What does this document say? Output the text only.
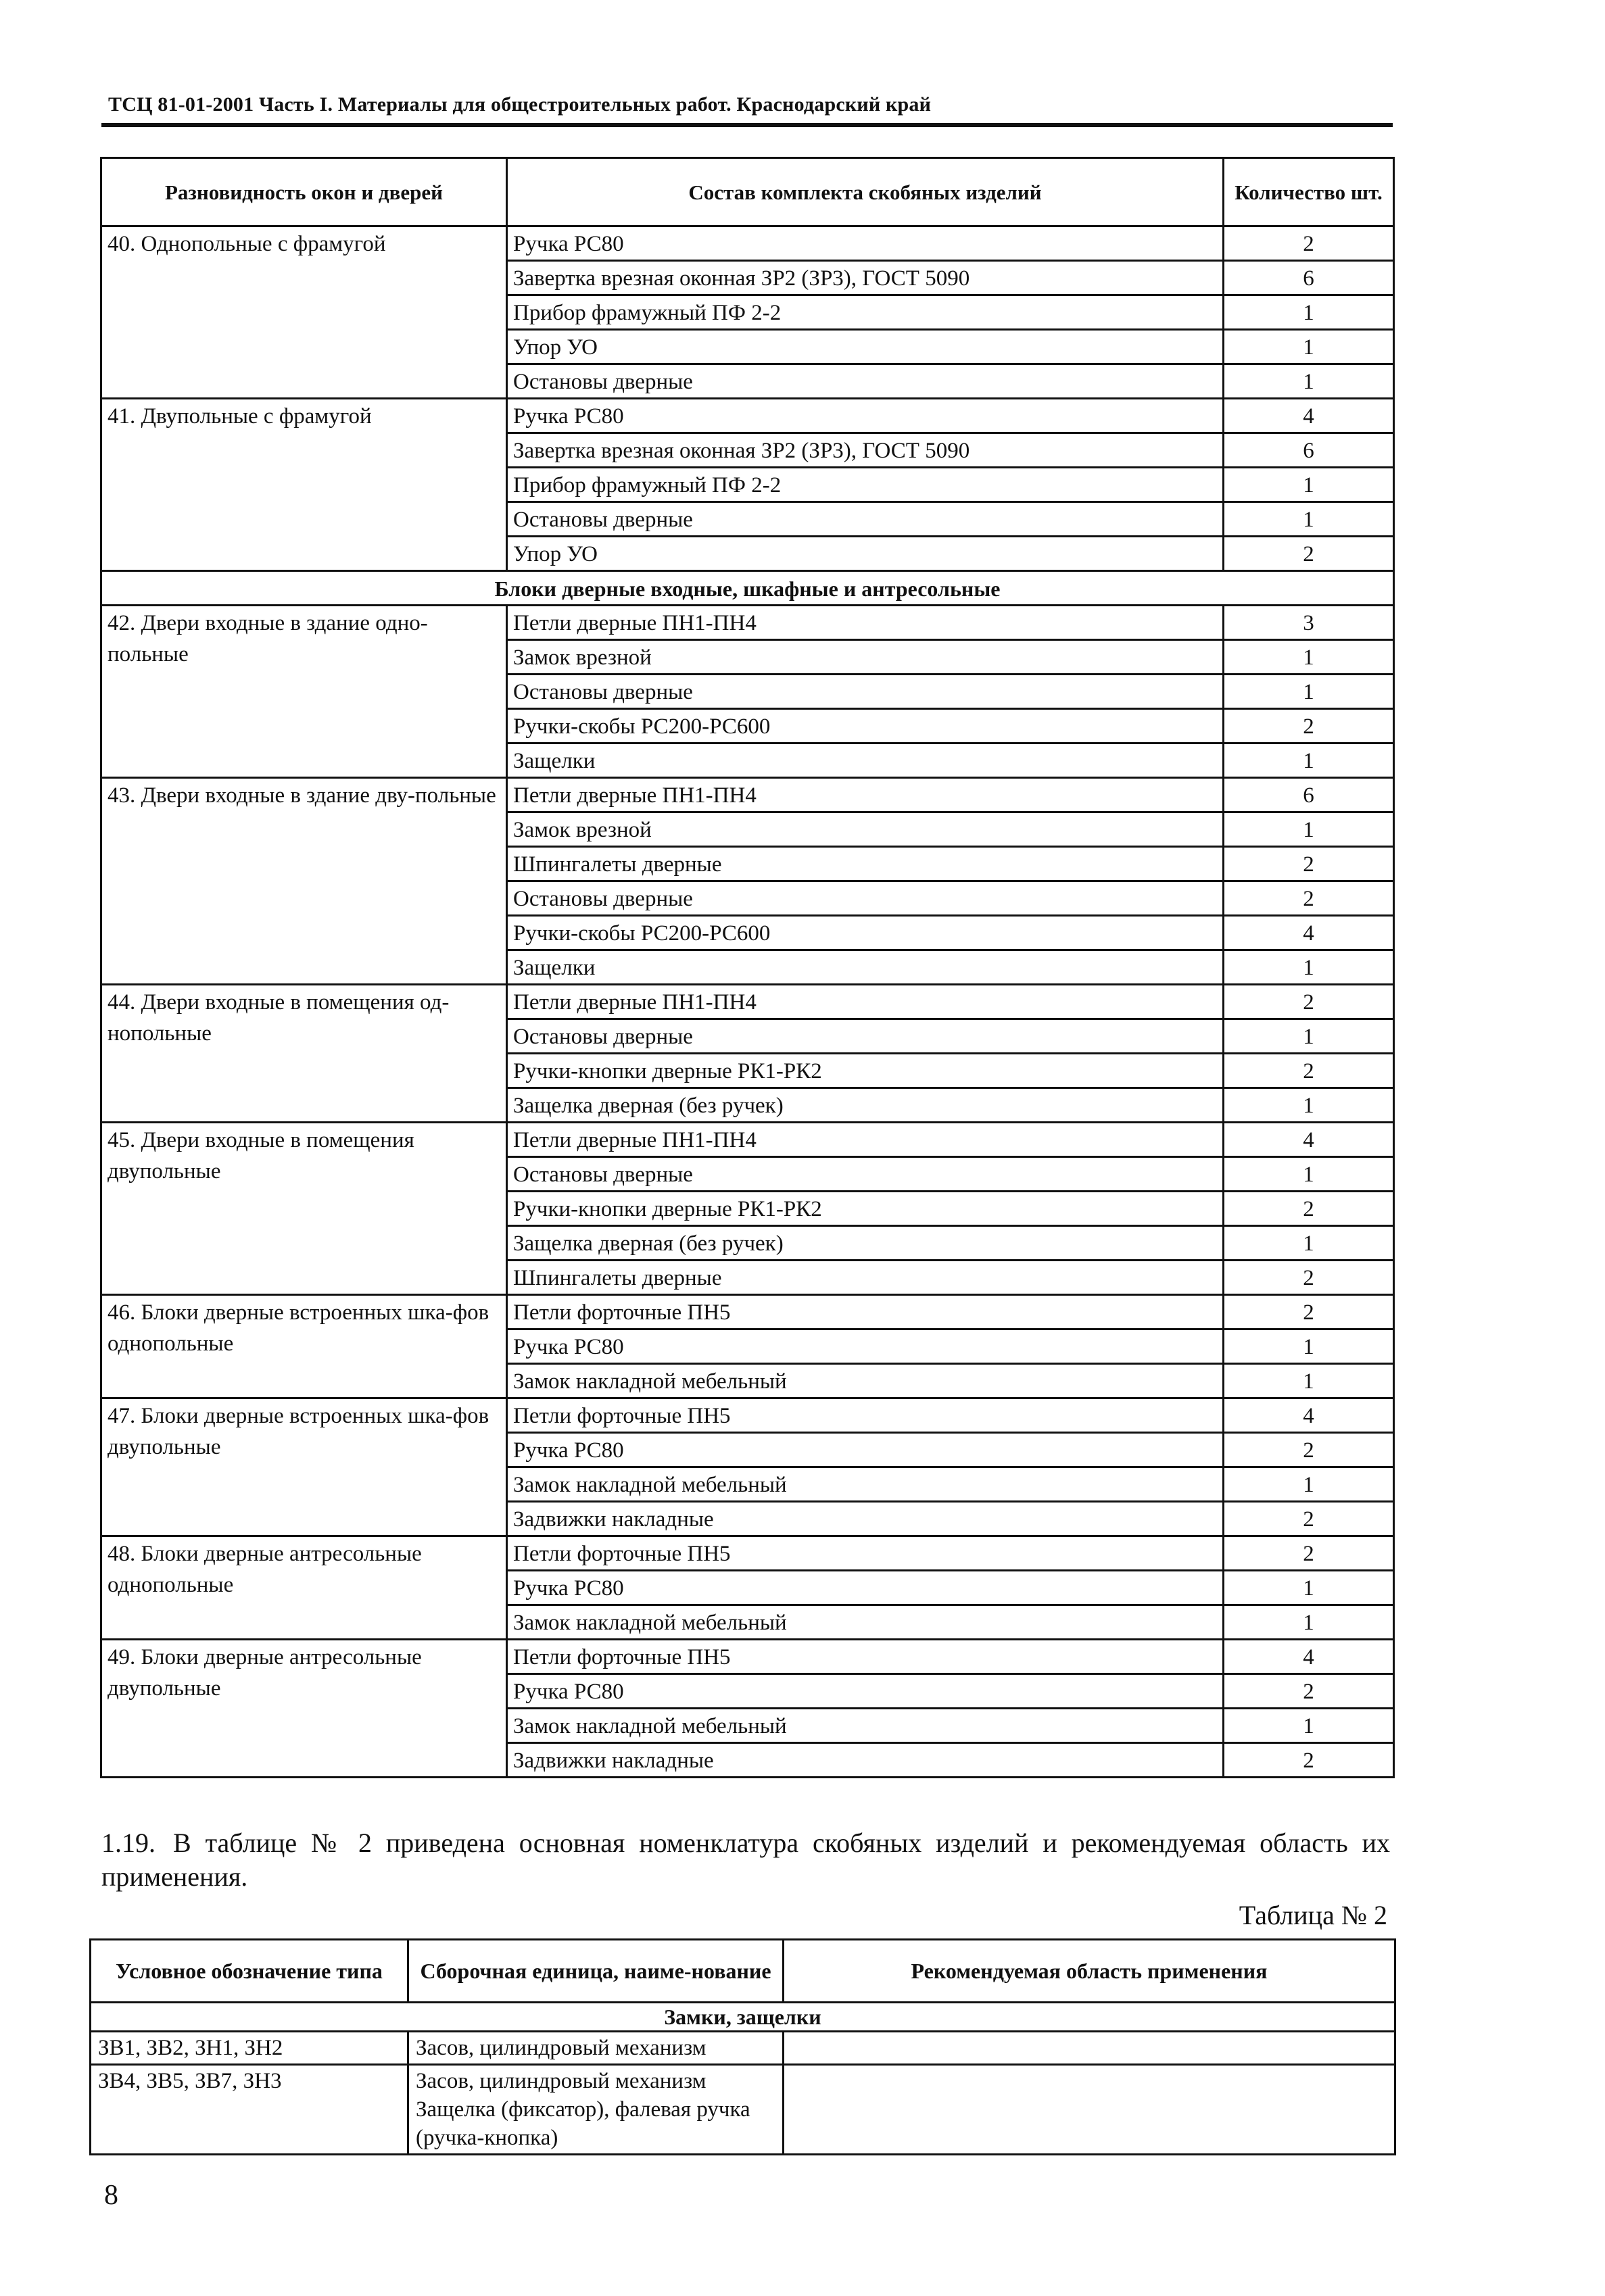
ТСЦ 81-01-2001 Часть I. Материалы для общестроительных работ. Краснодарский край
Разновидность окон и дверей	Состав комплекта скобяных изделий	Количество шт.
40. Однопольные с фрамугой	Ручка РС80	2
	Завертка врезная оконная ЗР2 (ЗР3), ГОСТ 5090	6
	Прибор фрамужный ПФ 2-2	1
	Упор УО	1
	Остановы дверные	1
41. Двупольные с фрамугой	Ручка РС80	4
	Завертка врезная оконная ЗР2 (ЗР3), ГОСТ 5090	6
	Прибор фрамужный ПФ 2-2	1
	Остановы дверные	1
	Упор УО	2
Блоки дверные входные, шкафные и антресольные		
42. Двери входные в здание одно-польные	Петли дверные ПН1-ПН4	3
	Замок врезной	1
	Остановы дверные	1
	Ручки-скобы РС200-РС600	2
	Защелки	1
43. Двери входные в здание дву-польные	Петли дверные ПН1-ПН4	6
	Замок врезной	1
	Шпингалеты дверные	2
	Остановы дверные	2
	Ручки-скобы РС200-РС600	4
	Защелки	1
44. Двери входные в помещения од-нопольные	Петли дверные ПН1-ПН4	2
	Остановы дверные	1
	Ручки-кнопки дверные РК1-РК2	2
	Защелка дверная (без ручек)	1
45. Двери входные в помещения двупольные	Петли дверные ПН1-ПН4	4
	Остановы дверные	1
	Ручки-кнопки дверные РК1-РК2	2
	Защелка дверная (без ручек)	1
	Шпингалеты дверные	2
46. Блоки дверные встроенных шка-фов однопольные	Петли форточные ПН5	2
	Ручка РС80	1
	Замок накладной мебельный	1
47. Блоки дверные встроенных шка-фов двупольные	Петли форточные ПН5	4
	Ручка РС80	2
	Замок накладной мебельный	1
	Задвижки накладные	2
48. Блоки дверные антресольные однопольные	Петли форточные ПН5	2
	Ручка РС80	1
	Замок накладной мебельный	1
49. Блоки дверные антресольные двупольные	Петли форточные ПН5	4
	Ручка РС80	2
	Замок накладной мебельный	1
	Задвижки накладные	2
1.19. В таблице № 2 приведена основная номенклатура скобяных изделий и рекомендуемая область их применения.
Таблица № 2
Условное обозначение типа	Сборочная единица, наиме-нование	Рекомендуемая область применения
Замки, защелки		
ЗВ1, ЗВ2, ЗН1, ЗН2	Засов, цилиндровый механизм	
ЗВ4, ЗВ5, ЗВ7, ЗН3	Засов, цилиндровый механизм Защелка (фиксатор), фалевая ручка (ручка-кнопка)	
8
